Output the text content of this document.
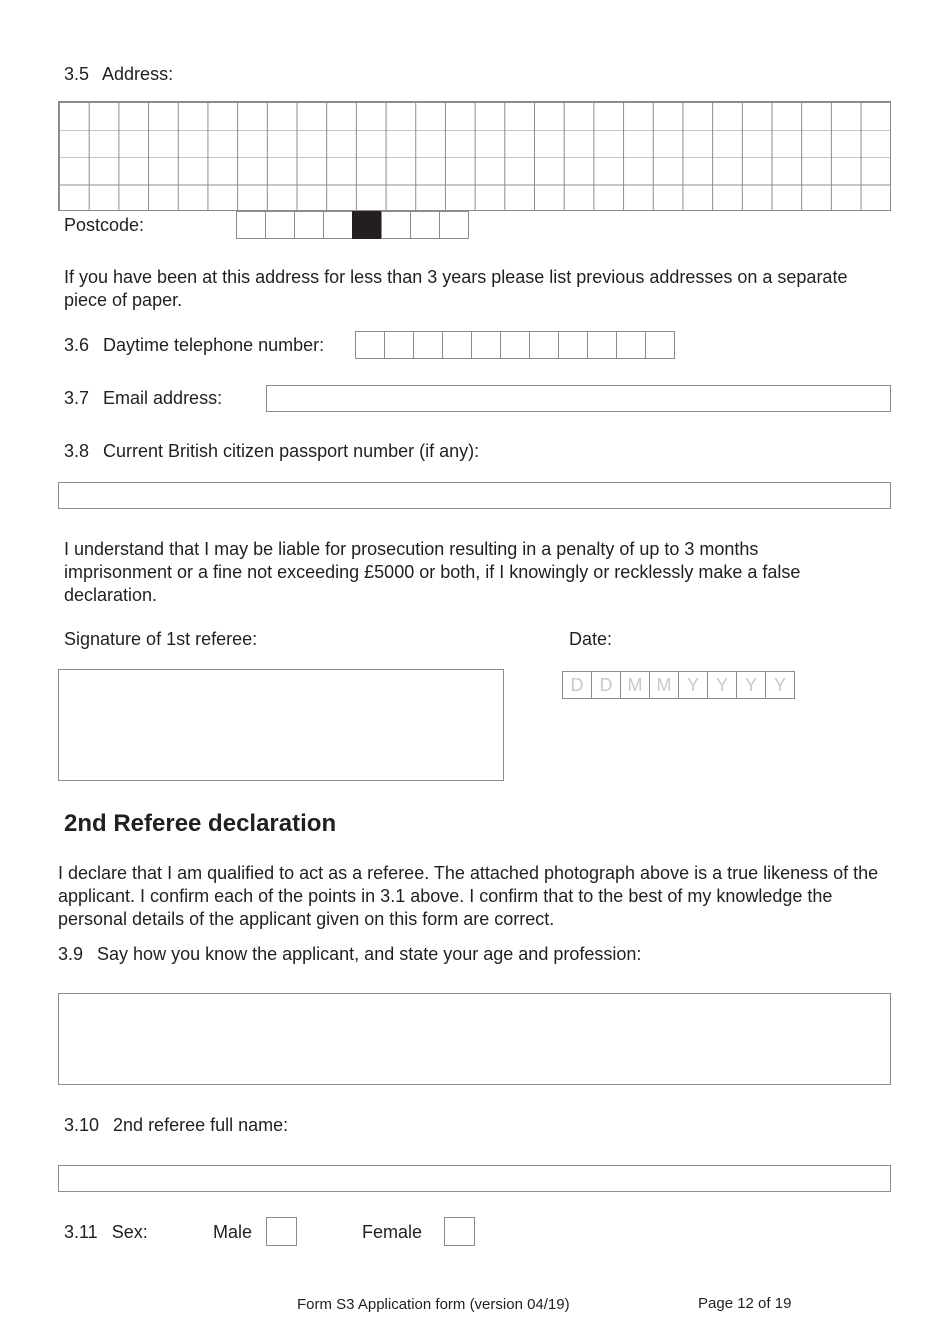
3.5  Address:
Postcode:
If you have been at this address for less than 3 years please list previous addresses on a separate piece of paper.
3.6  Daytime telephone number:
3.7  Email address:
3.8  Current British citizen passport number (if any):
I understand that I may be liable for prosecution resulting in a penalty of up to 3 months imprisonment or a fine not exceeding £5000 or both, if I knowingly or recklessly make a false declaration.
Signature of 1st referee:	Date:
D D M M Y Y Y Y
2nd Referee declaration
I declare that I am qualified to act as a referee. The attached photograph above is a true likeness of the applicant. I confirm each of the points in 3.1 above. I confirm that to the best of my knowledge the personal details of the applicant given on this form are correct.
3.9  Say how you know the applicant, and state your age and profession:
3.10  2nd referee full name:
3.11  Sex:	Male	Female
Form S3 Application form (version 04/19)	Page 12 of 19
